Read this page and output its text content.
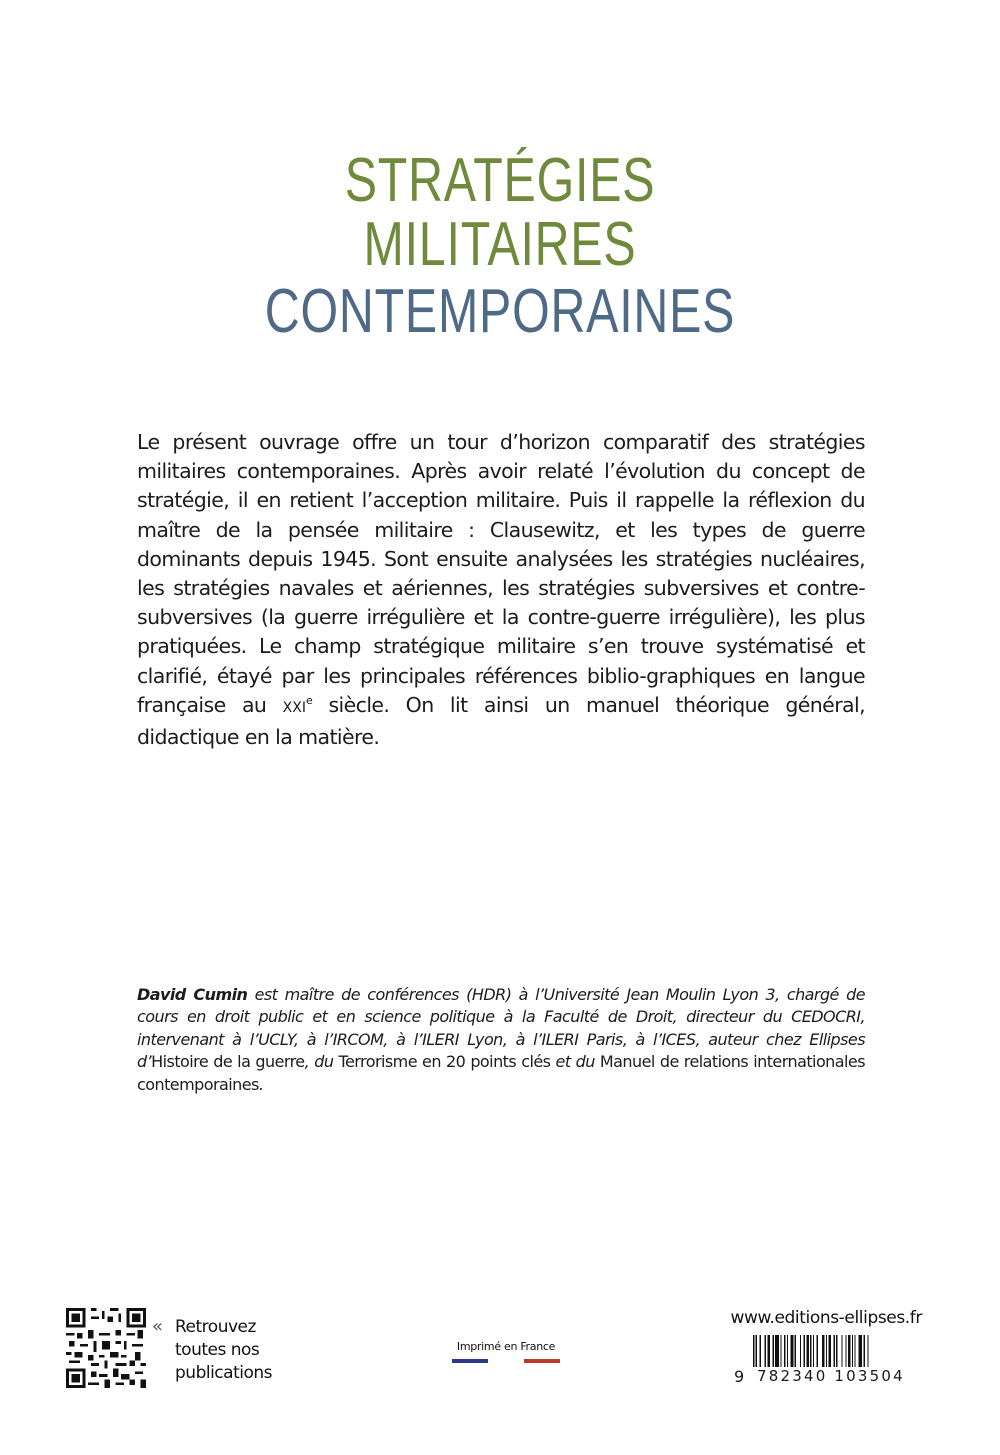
STRATÉGIES
MILITAIRES
CONTEMPORAINES

Le présent ouvrage offre un tour d’horizon comparatif des stratégies militaires contemporaines. Après avoir relaté l’évolution du concept de stratégie, il en retient l’acception militaire. Puis il rappelle la réflexion du maître de la pensée militaire : Clausewitz, et les types de guerre dominants depuis 1945. Sont ensuite analysées les stratégies nucléaires, les stratégies navales et aériennes, les stratégies subversives et contre-subversives (la guerre irrégulière et la contre-guerre irrégulière), les plus pratiquées. Le champ stratégique militaire s’en trouve systématisé et clarifié, étayé par les principales références biblio-graphiques en langue française au XXIe siècle. On lit ainsi un manuel théorique général, didactique en la matière.

David Cumin est maître de conférences (HDR) à l’Université Jean Moulin Lyon 3, chargé de cours en droit public et en science politique à la Faculté de Droit, directeur du CEDOCRI, intervenant à l’UCLY, à l’IRCOM, à l’ILERI Lyon, à l’ILERI Paris, à l’ICES, auteur chez Ellipses d’Histoire de la guerre, du Terrorisme en 20 points clés et du Manuel de relations internationales contemporaines.

« Retrouvez
toutes nos
publications
Imprimé en France
www.editions-ellipses.fr
9 782340 103504
